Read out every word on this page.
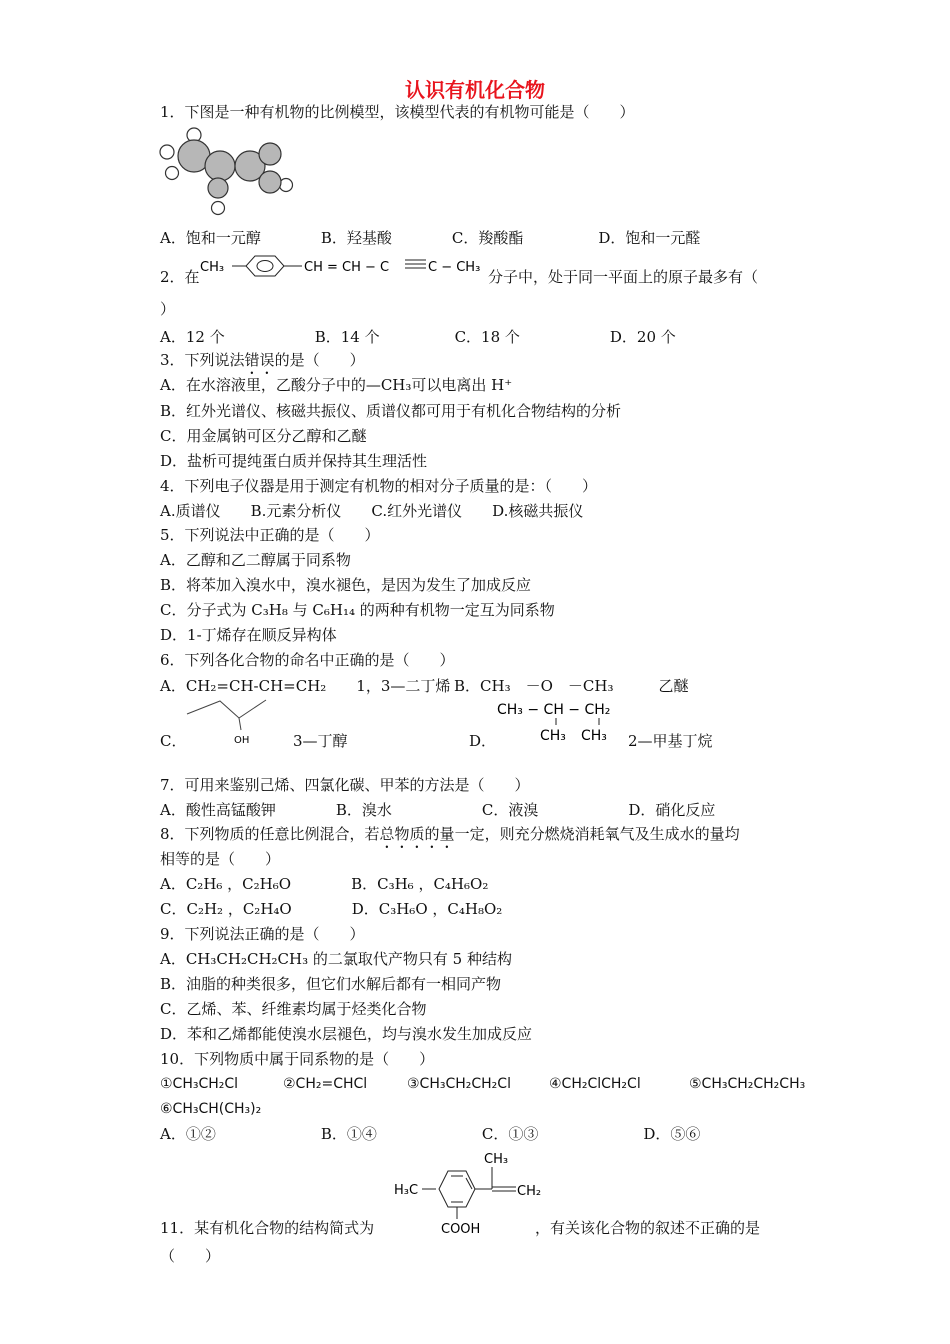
认识有机化合物
1．下图是一种有机物的比例模型，该模型代表的有机物可能是（　　）
A．饱和一元醇　　　　B．羟基酸　　　　C．羧酸酯　　　　　D．饱和一元醛
2．在
CH₃	CH = CH − C	C − CH₃
分子中，处于同一平面上的原子最多有（
）
A．12 个　　　　　　B．14 个　　　　　C．18 个　　　　　　D．20 个
3．下列说法错误的是（　　）
A．在水溶液里，乙酸分子中的—CH₃可以电离出 H⁺
B．红外光谱仪、核磁共振仪、质谱仪都可用于有机化合物结构的分析
C．用金属钠可区分乙醇和乙醚
D．盐析可提纯蛋白质并保持其生理活性
4．下列电子仪器是用于测定有机物的相对分子质量的是：（　　）
A.质谱仪　　B.元素分析仪　　C.红外光谱仪　　D.核磁共振仪
5．下列说法中正确的是（　　）
A．乙醇和乙二醇属于同系物
B．将苯加入溴水中，溴水褪色，是因为发生了加成反应
C．分子式为 C₃H₈ 与 C₆H₁₄ 的两种有机物一定互为同系物
D．1-丁烯存在顺反异构体
6．下列各化合物的命名中正确的是（　　）
A．CH₂=CH-CH=CH₂　　1，3—二丁烯 B．CH₃　－O　－CH₃　　　乙醚
C．	OH	3—丁醇	D．
CH₃ − CH − CH₂
CH₃ CH₃ 2—甲基丁烷
7．可用来鉴别己烯、四氯化碳、甲苯的方法是（　　）
A．酸性高锰酸钾　　　　B．溴水　　　　　　C．液溴　　　　　　D．硝化反应
8．下列物质的任意比例混合，若总物质的量一定，则充分燃烧消耗氧气及生成水的量均
相等的是（　　）
A．C₂H₆ ，C₂H₆O　　　　B．C₃H₆ ，C₄H₆O₂
C．C₂H₂ ，C₂H₄O　　　　D．C₃H₆O ，C₄H₈O₂
9．下列说法正确的是（　　）
A．CH₃CH₂CH₂CH₃ 的二氯取代产物只有 5 种结构
B．油脂的种类很多，但它们水解后都有一相同产物
C．乙烯、苯、纤维素均属于烃类化合物
D．苯和乙烯都能使溴水层褪色，均与溴水发生加成反应
10．下列物质中属于同系物的是（　　）
①CH₃CH₂Cl	②CH₂=CHCl	③CH₃CH₂CH₂Cl	④CH₂ClCH₂Cl	⑤CH₃CH₂CH₂CH₃
⑥CH₃CH(CH₃)₂
A．①②　　　　　　　B．①④　　　　　　　C．①③　　　　　　　D．⑤⑥
H₃C
CH₃
CH₂
COOH
11．某有机化合物的结构简式为	，有关该化合物的叙述不正确的是
（　　）
